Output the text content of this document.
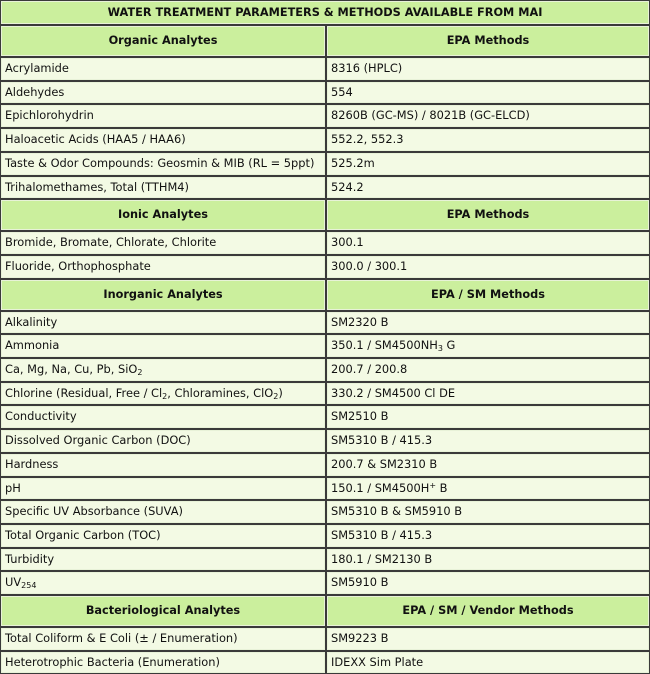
WATER TREATMENT PARAMETERS & METHODS AVAILABLE FROM MAI	
Organic Analytes	EPA Methods
Acrylamide	8316 (HPLC)
Aldehydes	554
Epichlorohydrin	8260B (GC-MS) / 8021B (GC-ELCD)
Haloacetic Acids (HAA5 / HAA6)	552.2, 552.3
Taste & Odor Compounds: Geosmin & MIB (RL = 5ppt)	525.2m
Trihalomethames, Total (TTHM4)	524.2
Ionic Analytes	EPA Methods
Bromide, Bromate, Chlorate, Chlorite	300.1
Fluoride, Orthophosphate	300.0 / 300.1
Inorganic Analytes	EPA / SM Methods
Alkalinity	SM2320 B
Ammonia	$350.1 / SM4500NH_3$ G
Ca, Mg, Na, Cu, Pb, SiO$_2$	200.7 / 200.8
Chlorine (Residual, Free / $Cl_2$, Chloramines, ClO$_2$)	330.2 / SM4500 Cl DE
Conductivity	SM2510 B
Dissolved Organic Carbon (DOC)	SM5310 B / 415.3
Hardness	200.7 & SM2310 B
pH	150.1 / SM4500H+ B
Specific UV Absorbance (SUVA)	SM5310 B & SM5910 B
Total Organic Carbon (TOC)	SM5310 B / 415.3
Turbidity	180.1 / SM2130 B
$UV_{254}$	SM5910 B
Bacteriological Analytes	EPA / SM / Vendor Methods
Total Coliform & E Coli (± / Enumeration)	SM9223 B
Heterotrophic Bacteria (Enumeration)	IDEXX Sim Plate
